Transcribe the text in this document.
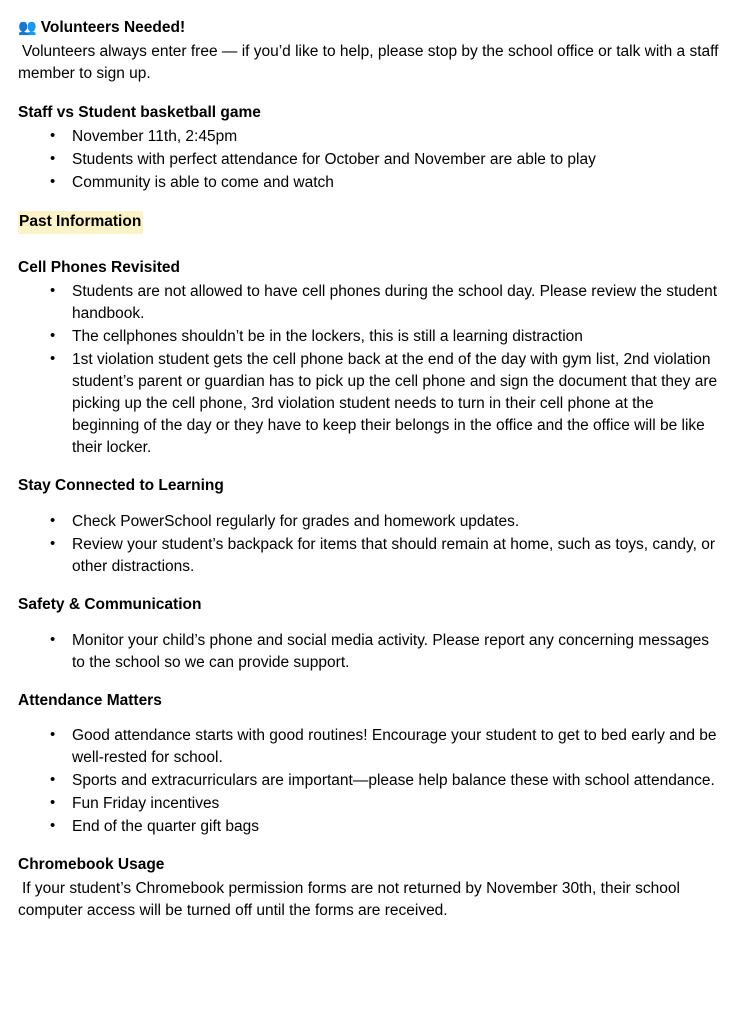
👥 Volunteers Needed!
Volunteers always enter free — if you’d like to help, please stop by the school office or talk with a staff member to sign up.
Staff vs Student basketball game
• November 11th, 2:45pm
• Students with perfect attendance for October and November are able to play
• Community is able to come and watch
Past Information
Cell Phones Revisited
• Students are not allowed to have cell phones during the school day. Please review the student handbook.
• The cellphones shouldn’t be in the lockers, this is still a learning distraction
• 1st violation student gets the cell phone back at the end of the day with gym list, 2nd violation student’s parent or guardian has to pick up the cell phone and sign the document that they are picking up the cell phone, 3rd violation student needs to turn in their cell phone at the beginning of the day or they have to keep their belongs in the office and the office will be like their locker.
Stay Connected to Learning
• Check PowerSchool regularly for grades and homework updates.
• Review your student’s backpack for items that should remain at home, such as toys, candy, or other distractions.
Safety & Communication
• Monitor your child’s phone and social media activity. Please report any concerning messages to the school so we can provide support.
Attendance Matters
• Good attendance starts with good routines! Encourage your student to get to bed early and be well-rested for school.
• Sports and extracurriculars are important—please help balance these with school attendance.
• Fun Friday incentives
• End of the quarter gift bags
Chromebook Usage
If your student’s Chromebook permission forms are not returned by November 30th, their school computer access will be turned off until the forms are received.
